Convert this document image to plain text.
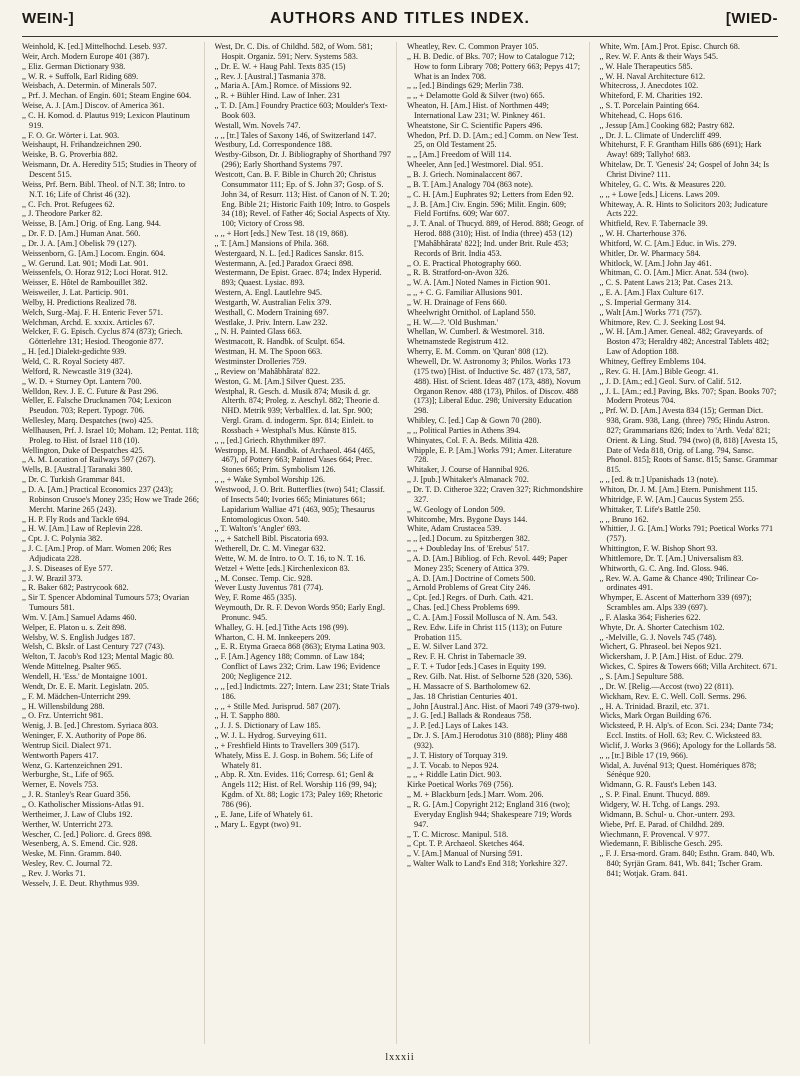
WEIN-]	AUTHORS AND TITLES INDEX.	[WIED-
Weinhold, K. [ed.] Mittelhochd. Leseb. 937.
Weir, Arch. Modern Europe 401 (387).
,, Eliz. German Dictionary 938.
,, W. R. + Suffolk, Earl Riding 689.
Weisbach, A. Determin. of Minerals 507.
,, Prf. J. Mechan. of Engin. 601; Steam Engine 604.
Weise, A. J. [Am.] Discov. of America 361.
,, C. H. Komod. d. Plautus 919; Lexicon Plautinum 919.
,, F. O. Gr. Wörter i. Lat. 903.
Weishaupt, H. Frihandzeichnen 290.
Weiske, B. G. Proverbia 882.
Weismann, Dr. A. Heredity 515; Studies in Theory of Descent 515.
Weiss, Prf. Bern. Bibl. Theol. of N.T. 38; Intro. to N.T. 16; Life of Christ 46 (32).
,, C. Fch. Prot. Refugees 62.
,, J. Theodore Parker 82.
Weisse, B. [Am.] Orig. of Eng. Lang. 944.
,, Dr. F. D. [Am.] Human Anat. 560.
,, Dr. J. A. [Am.] Obelisk 79 (127).
Weissenborn, G. [Am.] Locom. Engin. 604.
,, W. Gerund. Lat. 901; Modi Lat. 901.
Weissenfels, O. Horaz 912; Loci Horat. 912.
Weisser, E. Hôtel de Rambouillet 382.
Weisweiler, J. Lat. Particip. 901.
Welby, H. Predictions Realized 78.
Welch, Surg.-Maj. F. H. Enteric Fever 571.
Welchman, Archd. E. xxxix. Articles 67.
Welcker, F. G. Episch. Cyclus 874 (873); Griech. Götterlehre 131; Hesiod. Theogonie 877.
,, H. [ed.] Dialekt-gedichte 939.
Weld, C. R. Royal Society 487.
Welford, R. Newcastle 319 (324).
,, W. D. + Sturney Opt. Lantern 700.
Welldon, Rev. J. E. C. Future & Past 296.
Weller, E. Falsche Drucknamen 704; Lexicon Pseudon. 703; Repert. Typogr. 706.
Wellesley, Marq. Despatches (two) 425.
Wellhausen, Prf. J. Israel 10; Moham. 12; Pentat. 118; Proleg. to Hist. of Israel 118 (10).
Wellington, Duke of Despatches 425.
,, A. M. Location of Railways 597 (267).
Wells, B. [Austral.] Taranaki 380.
,, Dr. C. Turkish Grammar 841.
,, D. A. [Am.] Practical Economics 237 (243); Robinson Crusoe's Money 235; How we Trade 266; Mercht. Marine 265 (243).
,, H. P. Fly Rods and Tackle 694.
,, H. W. [Am.] Law of Replevin 228.
,, Cpt. J. C. Polynia 382.
,, J. C. [Am.] Prop. of Marr. Women 206; Res Adjudicata 228.
,, J. S. Diseases of Eye 577.
,, J. W. Brazil 373.
,, R. Baker 682; Pastrycook 682.
,, Sir T. Spencer Abdominal Tumours 573; Ovarian Tumours 581.
Wm. V. [Am.] Samuel Adams 460.
Welper, E. Platon u. s. Zeit 898.
Welsby, W. S. English Judges 187.
Welsh, C. Bkslr. of Last Century 727 (743).
Welton, T. Jacob's Rod 123; Mental Magic 80.
Wende Mittelneg. Psalter 965.
Wendell, H. 'Ess.' de Montaigne 1001.
Wendt, Dr. E. E. Marit. Legislatn. 205.
,, F. M. Mädchen-Unterricht 299.
,, H. Willensbildung 288.
,, O. Frz. Unterricht 981.
Wenig, J. B. [ed.] Chrestom. Syriaca 803.
Weninger, F. X. Authority of Pope 86.
Wentrup Sicil. Dialect 971.
Wentworth Papers 417.
Wenz, G. Kartenzeichnen 291.
Werburghe, St., Life of 965.
Werner, E. Novels 753.
,, J. R. Stanley's Rear Guard 356.
,, O. Katholischer Missions-Atlas 91.
Wertheimer, J. Law of Clubs 192.
Werther, W. Unterricht 273.
Wescher, C. [ed.] Poliorc. d. Grecs 898.
Wesenberg, A. S. Emend. Cic. 928.
Weske, M. Finn. Gramm. 840.
Wesley, Rev. C. Journal 72.
,, Rev. J. Works 71.
Wesselv, J. E. Deut. Rhythmus 939.
West, Dr. C. Dis. of Childhd. 582, of Wom. 581; Hospit. Organiz. 591; Nerv. Systems 583.
,, Dr. E. W. + Haug Pahl. Texts 835 (15)
,, Rev. J. [Austral.] Tasmania 378.
,, Maria A. [Am.] Romce. of Missions 92.
,, R. + Bühler Hind. Law of Inher. 231
,, T. D. [Am.] Foundry Practice 603; Moulder's Text-Book 603.
Westall, Wm. Novels 747.
,, ,, [tr.] Tales of Saxony 146, of Switzerland 147.
Westbury, Ld. Correspondence 188.
Westby-Gibson, Dr. J. Bibliography of Shorthand 797 (296); Early Shorthand Systems 797.
Westcott, Can. B. F. Bible in Church 20; Christus Consummator 111; Ep. of S. John 37; Gosp. of S. John 34, of Resurr. 113; Hist. of Canon of N. T. 20; Eng. Bible 21; Historic Faith 109; Intro. to Gospels 34 (18); Revel. of Father 46; Social Aspects of Xty. 100; Victory of Cross 98.
,, ,, + Hort [eds.] New Test. 18 (19, 868).
,, T. [Am.] Mansions of Phila. 368.
Westergaard, N. L. [ed.] Radices Sanskr. 815.
Westermann, A. [ed.] Paradox Graeci 898.
Westermann, De Epist. Graec. 874; Index Hyperid. 893; Quaest. Lysiac. 893.
Western, A. Engl. Lautlehre 945.
Westgarth, W. Australian Felix 379.
Westhall, C. Modern Training 697.
Westlake, J. Priv. Intern. Law 232.
,, N. H. Painted Glass 663.
Westmacott, R. Handbk. of Sculpt. 654.
Westman, H. M. The Spoon 663.
Westminster Drolleries 759.
,, Review on 'Mahâbhârata' 822.
Weston, G. M. [Am.] Silver Quest. 235.
Westphal, R. Gesch. d. Musik 874; Musik d. gr. Alterth. 874; Proleg. z. Aeschyl. 882; Theorie d. NHD. Metrik 939; Verbalflex. d. lat. Spr. 900; Vergl. Gram. d. indogerm. Spr. 814; Einleit. to Rossbach + Westphal's Mus. Künste 815.
,, ,, [ed.] Griech. Rhythmiker 897.
Westropp, H. M. Handbk. of Archaeol. 464 (465, 467), of Pottery 663; Painted Vases 664; Prec. Stones 665; Prim. Symbolism 126.
,, ,, + Wake Symbol Worship 126.
Westwood, J. O. Brit. Butterflies (two) 541; Classif. of Insects 540; Ivories 665; Miniatures 661; Lapidarium Walliae 471 (463, 905); Thesaurus Entomologicus Oxon. 540.
,, T. Walton's 'Angler' 693.
,, ,, + Satchell Bibl. Piscatoria 693.
Wetherell, Dr. C. M. Vinegar 632.
Wette, W. M. de Intro. to O. T. 16, to N. T. 16.
Wetzel + Wette [eds.] Kirchenlexicon 83.
,, M. Consec. Temp. Cic. 928.
Wever Lusty Juventus 781 (774).
Wey, F. Rome 465 (335).
Weymouth, Dr. R. F. Devon Words 950; Early Engl. Pronunc. 945.
Whalley, G. H. [ed.] Tithe Acts 198 (99).
Wharton, C. H. M. Innkeepers 209.
,, E. R. Etyma Graeca 868 (863); Etyma Latina 903.
,, F. [Am.] Agency 188; Commn. of Law 184; Conflict of Laws 232; Crim. Law 196; Evidence 200; Negligence 212.
,, ,, [ed.] Indictmts. 227; Intern. Law 231; State Trials 186.
,, ,, + Stille Med. Jurisprud. 587 (207).
,, H. T. Sappho 880.
,, J. J. S. Dictionary of Law 185.
,, W. J. L. Hydrog. Surveying 611.
,, + Freshfield Hints to Travellers 309 (517).
Whately, Miss E. J. Gosp. in Bohem. 56; Life of Whately 81.
,, Abp. R. Xtn. Evides. 116; Corresp. 61; Genl & Angels 112; Hist. of Rel. Worship 116 (99, 94); Kgdm. of Xt. 88; Logic 173; Paley 169; Rhetoric 786 (96).
,, E. Jane, Life of Whately 61.
,, Mary L. Egypt (two) 91.
Wheatley, Rev. C. Common Prayer 105.
,, H. B. Dedic. of Bks. 707; How to Catalogue 712; How to form Library 708; Pottery 663; Pepys 417; What is an Index 708.
,, ,, [ed.] Bindings 629; Merlin 738.
,, ,, + Delamotte Gold & Silver (two) 665.
Wheaton, H. [Am.] Hist. of Northmen 449; International Law 231; W. Pinkney 461.
Wheatstone, Sir C. Scientific Papers 496.
Whedon, Prf. D. D. [Am.; ed.] Comm. on New Test. 25, on Old Testament 25.
,, ,, [Am.] Freedom of Will 114.
Wheeler, Ann [ed.] Westmorel. Dial. 951.
,, B. J. Griech. Nominalaccent 867.
,, B. T. [Am.] Analogy 704 (863 note).
,, C. H. [Am.] Euphrates 92; Letters from Eden 92.
,, J. B. [Am.] Civ. Engin. 596; Milit. Engin. 609; Field Fortifns. 609; War 607.
,, J. T. Anal. of Thucyd. 889, of Herod. 888; Geogr. of Herod. 888 (310); Hist. of India (three) 453 (12) ['Mahâbhârata' 822]; Ind. under Brit. Rule 453; Records of Brit. India 453.
,, O. E. Practical Photography 660.
,, R. B. Stratford-on-Avon 326.
,, W. A. [Am.] Noted Names in Fiction 901.
,, ,, + C. G. Familiar Allusions 901.
,, W. H. Drainage of Fens 660.
Wheelwright Ornithol. of Lapland 550.
,, H. W.—?. 'Old Bushman.'
Whellan, W. Cumberl. & Westmorel. 318.
Whetnamstede Registrum 412.
Wherry, E. M. Comm. on 'Quran' 808 (12).
Whewell, Dr. W. Astronomy 3; Philos. Works 173 (175 two) [Hist. of Inductive Sc. 487 (173, 587, 488). Hist. of Scient. Ideas 487 (173, 488), Novum Organon Renov. 488 (173), Philos. of Discov. 488 (173)]; Liberal Educ. 298; University Education 298.
Whibley, C. [ed.] Cap & Gown 70 (280).
,, ,, Political Parties in Athens 394.
Whinyates, Col. F. A. Beds. Militia 428.
Whipple, E. P. [Am.] Works 791; Amer. Literature 728.
Whitaker, J. Course of Hannibal 926.
,, J. [pub.] Whitaker's Almanack 702.
,, Dr. T. D. Citheroe 322; Craven 327; Richmondshire 327.
,, W. Geology of London 509.
Whitcombe, Mrs. Bygone Days 144.
White, Adam Crustacea 539.
,, ,, [ed.] Docum. zu Spitzbergen 382.
,, ,, + Doubleday Ins. of 'Erebus' 517.
,, A. D. [Am.] Bibliog. of Fch. Revol. 449; Paper Money 235; Scenery of Attica 379.
,, A. D. [Am.] Doctrine of Comets 500.
,, Arnold Problems of Great City 246.
,, Cpt. [ed.] Regrs. of Durh. Cath. 421.
,, Chas. [ed.] Chess Problems 699.
,, C. A. [Am.] Fossil Mollusca of N. Am. 543.
,, Rev. Edw. Life in Christ 115 (113); on Future Probation 115.
,, E. W. Silver Land 372.
,, Rev. F. H. Christ in Tabernacle 39.
,, F. T. + Tudor [eds.] Cases in Equity 199.
,, Rev. Gilb. Nat. Hist. of Selborne 528 (320, 536).
,, H. Massacre of S. Bartholomew 62.
,, Jas. 18 Christian Centuries 401.
,, John [Austral.] Anc. Hist. of Maori 749 (379-two).
,, J. G. [ed.] Ballads & Rondeaus 758.
,, J. P. [ed.] Lays of Lakes 143.
,, Dr. J. S. [Am.] Herodotus 310 (888); Pliny 488 (932).
,, J. T. History of Torquay 319.
,, J. T. Vocab. to Nepos 924.
,, ,, + Riddle Latin Dict. 903.
Kirke Poetical Works 769 (756).
,, M. + Blackburn [eds.] Marr. Wom. 206.
,, R. G. [Am.] Copyright 212; England 316 (two); Everyday English 944; Shakespeare 719; Words 947.
,, T. C. Microsc. Manipul. 518.
,, Cpt. T. P. Archaeol. Sketches 464.
,, V. [Am.] Manual of Nursing 591.
,, Walter Walk to Land's End 318; Yorkshire 327.
White, Wm. [Am.] Prot. Episc. Church 68.
,, Rev. W. F. Ants & their Ways 545.
,, W. Hale Therapeutics 585.
,, W. H. Naval Architecture 612.
Whitecross, J. Anecdotes 102.
Whiteford, F. M. Charities 192.
,, S. T. Porcelain Painting 664.
Whitehead, C. Hops 616.
,, Jessup [Am.] Cooking 682; Pastry 682.
,, Dr. J. L. Climate of Undercliff 499.
Whitehurst, F. F. Grantham Hills 686 (691); Hark Away! 689; Tallyho! 683.
Whitelaw, Dr. T. 'Genesis' 24; Gospel of John 34; Is Christ Divine? 111.
Whiteley, G. C. Wts. & Measures 220.
,, ,, + Lowe [eds.] Licens. Laws 209.
Whiteway, A. R. Hints to Solicitors 203; Judicature Acts 222.
Whitfield, Rev. F. Tabernacle 39.
,, W. H. Charterhouse 376.
Whitford, W. C. [Am.] Educ. in Wis. 279.
Whitler, Dr. W. Pharmacy 584.
Whitlock, W. [Am.] John Jay 461.
Whitman, C. O. [Am.] Micr. Anat. 534 (two).
,, C. S. Patent Laws 213; Pat. Cases 213.
,, E. A. [Am.] Flax Culture 617.
,, S. Imperial Germany 314.
,, Walt [Am.] Works 771 (757).
Whitmore, Rev. C. J. Seeking Lost 94.
,, W. H. [Am.] Amer. Geneal. 482; Graveyards. of Boston 473; Heraldry 482; Ancestral Tablets 482; Law of Adoption 188.
Whitney, Geffrey Emblems 104.
,, Rev. G. H. [Am.] Bible Geogr. 41.
,, J. D. [Am.; ed.] Geol. Surv. of Calif. 512.
,, J. L. [Am.; ed.] Paving, Bks. 707; Span. Books 707; Modern Proteus 704.
,, Prf. W. D. [Am.] Avesta 834 (15); German Dict. 938, Gram. 938, Lang. (three) 795; Hindu Astron. 827; Grammarians 826; Index to 'Arth. Veda' 821; Orient. & Ling. Stud. 794 (two) (8, 818) [Avesta 15, Date of Veda 818, Orig. of Lang. 794, Sansc. Phonol. 815]; Roots of Sansc. 815; Sansc. Grammar 815.
,, ,, [ed. & tr.] Upanishads 13 (note).
Whiton, Dr. J. M. [Am.] Etern. Punishment 115.
Whitridge, F. W. [Am.] Caucus System 255.
Whittaker, T. Life's Battle 250.
,, ,, Bruno 162.
Whittier, J. G. [Am.] Works 791; Poetical Works 771 (757).
Whittington, F. W. Bishop Short 93.
Whittlemore, Dr. T. [Am.] Universalism 83.
Whitworth, G. C. Ang. Ind. Gloss. 946.
,, Rev. W. A. Game & Chance 490; Trilinear Co-ordinates 491.
Whymper, E. Ascent of Matterhorn 339 (697); Scrambles am. Alps 339 (697).
,, F. Alaska 364; Fisheries 622.
Whyte, Dr. A. Shorter Catechism 102.
,, -Melville, G. J. Novels 745 (748).
Wichert, G. Phraseol. bei Nepos 921.
Wickersham, J. P. [Am.] Hist. of Educ. 279.
Wickes, C. Spires & Towers 668; Villa Architect. 671.
,, S. [Am.] Sepulture 588.
,, Dr. W. [Relig.—Accost (two) 22 (811).
Wickham, Rev. E. C. Well. Coll. Serms. 296.
,, H. A. Trinidad. Brazil, etc. 371.
Wicks, Mark Organ Building 676.
Wicksteed, P. H. Alp's. of Econ. Sci. 234; Dante 734; Eccl. Instits. of Holl. 63; Rev. C. Wicksteed 83.
Wiclif, J. Works 3 (966); Apology for the Lollards 58.
,, ,, [tr.] Bible 17 (19, 966).
Widal, A. Juvénal 913; Quest. Homériques 878; Sénèque 920.
Widmann, G. R. Faust's Leben 143.
,, S. P. Final. Enunt. Thucyd. 889.
Widgery, W. H. Tchg. of Langs. 293.
Widmann, B. Schul- u. Chor.-unterr. 293.
Wiebe, Prf. E. Parad. of Childhd. 289.
Wiechmann, F. Provencal. V 977.
Wiedemann, F. Biblische Gesch. 295.
,, F. J. Ersa-mord. Gram. 840; Esthn. Gram. 840, Wb. 840; Syrjän Gram. 841, Wb. 841; Tscher Gram. 841; Wotjak. Gram. 841.
lxxxii
